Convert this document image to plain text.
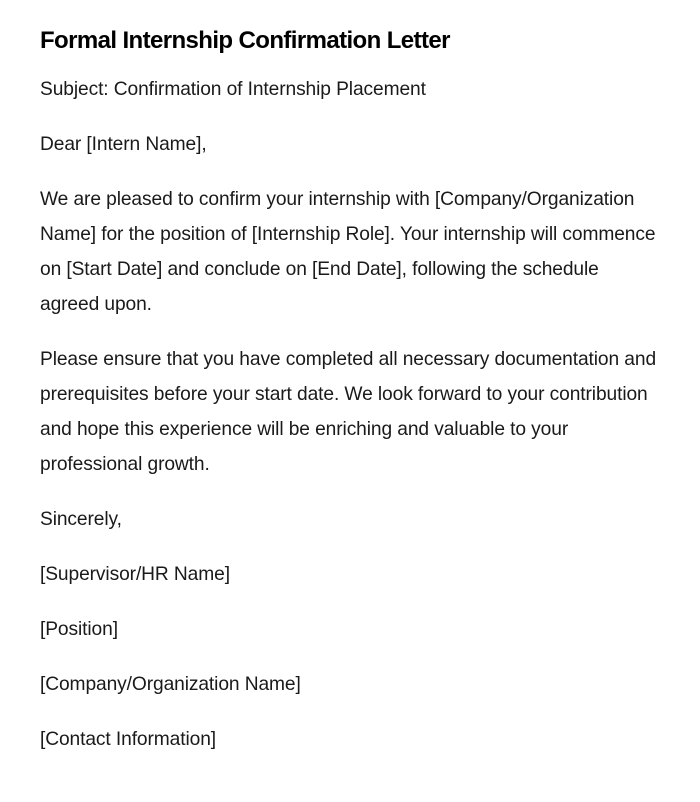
Formal Internship Confirmation Letter

Subject: Confirmation of Internship Placement

Dear [Intern Name],

We are pleased to confirm your internship with [Company/Organization Name] for the position of [Internship Role]. Your internship will commence on [Start Date] and conclude on [End Date], following the schedule agreed upon.

Please ensure that you have completed all necessary documentation and prerequisites before your start date. We look forward to your contribution and hope this experience will be enriching and valuable to your professional growth.

Sincerely,

[Supervisor/HR Name]

[Position]

[Company/Organization Name]

[Contact Information]
